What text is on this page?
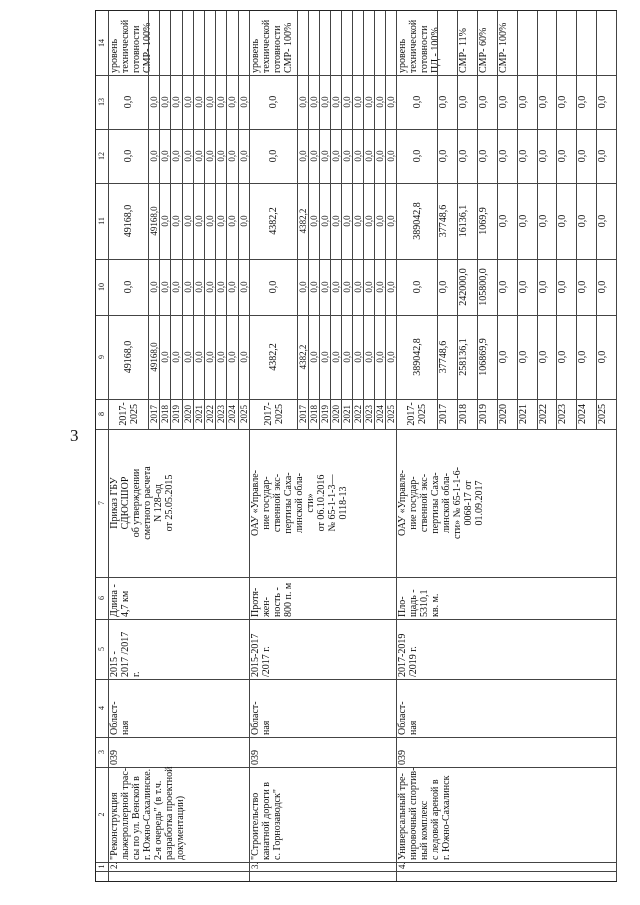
3
14
13
12
11
10
9
8
7
6
5
4
3
2
1 2.
"Реконструкция
лыжероллерной трас-
сы по ул. Венской в
г. Южно-Сахалинске.
2-я очередь" (в т.ч.
разработка проектной
документации)
039
Област-
ная
2015 -
2017 /2017
г.
Длина -
4,7 км
Приказ ГБУ
СДЮСШОР
об утверждении
сметного расчета
N 128-од
от 25.05.2015
2017-
2025
49168,0
0,0
49168,0
0,0
0,0
уровень
технической
готовности
СМР- 100%
2017
49168,0
0,0
49168,0
0,0
0,0
2018
0,0
0,0
0,0
0,0
0,0
2019
0,0
0,0
0,0
0,0
0,0
2020
0,0
0,0
0,0
0,0
0,0
2021
0,0
0,0
0,0
0,0
0,0
2022
0,0
0,0
0,0
0,0
0,0
2023
0,0
0,0
0,0
0,0
0,0
2024
0,0
0,0
0,0
0,0
0,0
2025
0,0
0,0
0,0
0,0
0,0
3.
"Строительство
канатной дороги в
с. Горнозаводск"
039
Област-
ная
2015-2017
/2017 г.
Протя-
жен-
ность -
800 п. м
ОАУ «Управле-
ние государ-
ственной экс-
пертизы Саха-
линской обла-
сти»
от 06.10.2016
№ 65-1-1-3—
0118-13
2017-
2025
4382,2
0,0
4382,2
0,0
0,0
уровень
технической
готовности
СМР- 100%
2017
4382,2
0,0
4382,2
0,0
0,0
2018
0,0
0,0
0,0
0,0
0,0
2019
0,0
0,0
0,0
0,0
0,0
2020
0,0
0,0
0,0
0,0
0,0
2021
0,0
0,0
0,0
0,0
0,0
2022
0,0
0,0
0,0
0,0
0,0
2023
0,0
0,0
0,0
0,0
0,0
2024
0,0
0,0
0,0
0,0
0,0
2025
0,0
0,0
0,0
0,0
0,0
4.
Универсальный тре-
нировочный спортив-
ный комплекс
с ледовой ареной в
г. Южно-Сахалинск
039
Област-
ная
2017-2019
/2019 г.
Пло-
щадь -
5310,1
кв. м.
ОАУ «Управле-
ние государ-
ственной экс-
пертизы Саха-
линской обла-
сти» № 65-1-1-6-
0068-17 от
01.09.2017
2017-
2025
389042,8
0,0
389042,8
0,0
0,0
уровень
технической
готовности
ПД - 100%
2017
37748,6
0,0
37748,6
0,0
0,0
2018
258136,1
242000,0
16136,1
0,0
0,0
СМР- 11%
2019
106869,9
105800,0
1069,9
0,0
0,0
СМР- 60%
2020
0,0
0,0
0,0
0,0
0,0
СМР- 100%
2021
0,0
0,0
0,0
0,0
0,0
2022
0,0
0,0
0,0
0,0
0,0
2023
0,0
0,0
0,0
0,0
0,0
2024
0,0
0,0
0,0
0,0
0,0
2025
0,0
0,0
0,0
0,0
0,0
